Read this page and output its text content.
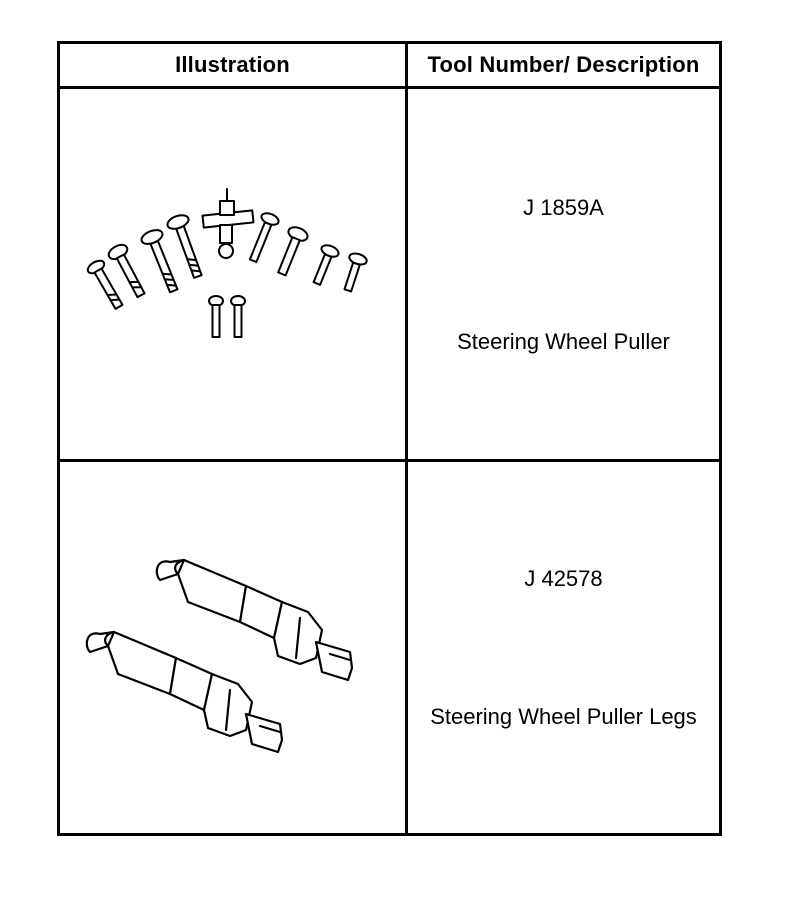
Illustration	Tool Number/ Description
J 1859A
Steering Wheel Puller
J 42578
Steering Wheel Puller Legs
